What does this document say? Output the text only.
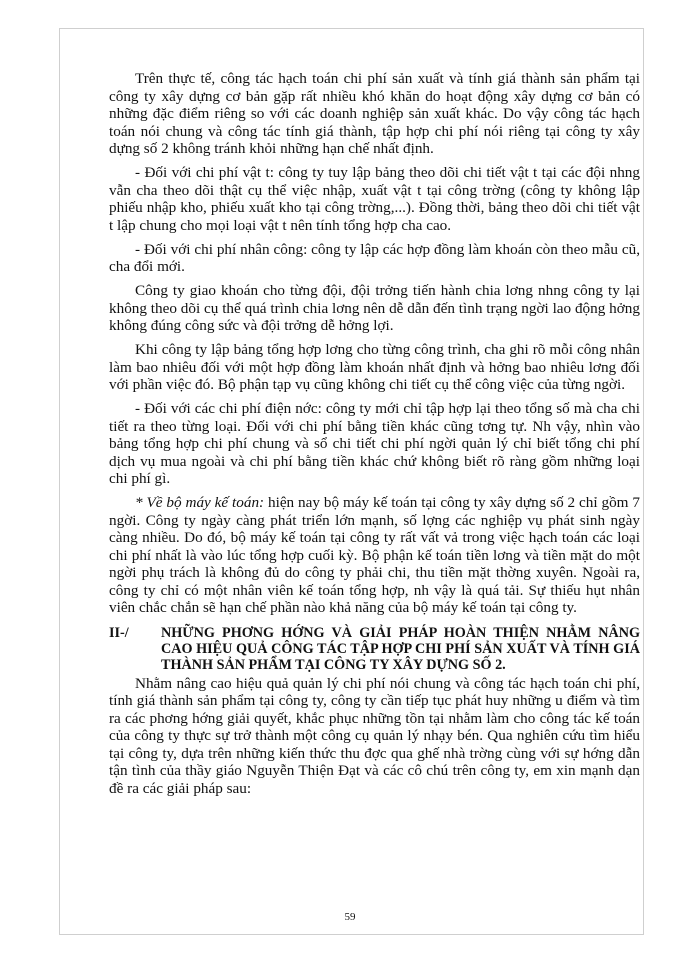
Trên thực tế, công tác hạch toán chi phí sản xuất và tính giá thành sản phẩm tại công ty xây dựng cơ bản gặp rất nhiều khó khăn do hoạt động xây dựng cơ bản có những đặc điểm riêng so với các doanh nghiệp sản xuất khác. Do vậy công tác hạch toán nói chung và công tác tính giá thành, tập hợp chi phí nói riêng tại công ty xây dựng số 2 không tránh khỏi những hạn chế nhất định.

- Đối với chi phí vật t: công ty tuy lập bảng theo dõi chi tiết vật t tại các đội nhng vẫn cha theo dõi thật cụ thể việc nhập, xuất vật t tại công trờng (công ty không lập phiếu nhập kho, phiếu xuất kho tại công trờng,...). Đồng thời, bảng theo dõi chi tiết vật t lập chung cho mọi loại vật t nên tính tổng hợp cha cao.

- Đối với chi phí nhân công: công ty lập các hợp đồng làm khoán còn theo mẫu cũ, cha đổi mới.

Công ty giao khoán cho từng đội, đội trởng tiến hành chia lơng nhng công ty lại không theo dõi cụ thể quá trình chia lơng nên dễ dẫn đến tình trạng ngời lao động hởng không đúng công sức và đội trởng dễ hởng lợi.

Khi công ty lập bảng tổng hợp lơng cho từng công trình, cha ghi rõ mỗi công nhân làm bao nhiêu đối với một hợp đồng làm khoán nhất định và hởng bao nhiêu lơng đối với phần việc đó. Bộ phận tạp vụ cũng không chi tiết cụ thể công việc của từng ngời.

- Đối với các chi phí điện nớc: công ty mới chỉ tập hợp lại theo tổng số mà cha chi tiết ra theo từng loại. Đối với chi phí bằng tiền khác cũng tơng tự. Nh vậy, nhìn vào bảng tổng hợp chi phí chung và sổ chi tiết chi phí ngời quản lý chỉ biết tổng chi phí dịch vụ mua ngoài và chi phí bằng tiền khác chứ không biết rõ ràng gồm những loại chi phí gì.

* Về bộ máy kế toán: hiện nay bộ máy kế toán tại công ty xây dựng số 2 chỉ gồm 7 ngời. Công ty ngày càng phát triển lớn mạnh, số lợng các nghiệp vụ phát sinh ngày càng nhiều. Do đó, bộ máy kế toán tại công ty rất vất vả trong việc hạch toán các loại chi phí nhất là vào lúc tổng hợp cuối kỳ. Bộ phận kế toán tiền lơng và tiền mặt do một ngời phụ trách là không đủ do công ty phải chi, thu tiền mặt thờng xuyên. Ngoài ra, công ty chỉ có một nhân viên kế toán tổng hợp, nh vậy là quá tải. Sự thiếu hụt nhân viên chắc chắn sẽ hạn chế phần nào khả năng của bộ máy kế toán tại công ty.

II-/	NHỮNG PHƠNG HỚNG VÀ GIẢI PHÁP HOÀN THIỆN NHẰM NÂNG CAO HIỆU QUẢ CÔNG TÁC TẬP HỢP CHI PHÍ SẢN XUẤT VÀ TÍNH GIÁ THÀNH SẢN PHẨM TẠI CÔNG TY XÂY DỰNG SỐ 2.

Nhằm nâng cao hiệu quả quản lý chi phí nói chung và công tác hạch toán chi phí, tính giá thành sản phẩm tại công ty, công ty cần tiếp tục phát huy những u điểm và tìm ra các phơng hớng giải quyết, khắc phục những tồn tại nhằm làm cho công tác kế toán của công ty thực sự trở thành một công cụ quản lý nhạy bén. Qua nghiên cứu tìm hiểu tại công ty, dựa trên những kiến thức thu đợc qua ghế nhà trờng cùng với sự hớng dẫn tận tình của thầy giáo Nguyễn Thiện Đạt và các cô chú trên công ty, em xin mạnh dạn đề ra các giải pháp sau:

59
